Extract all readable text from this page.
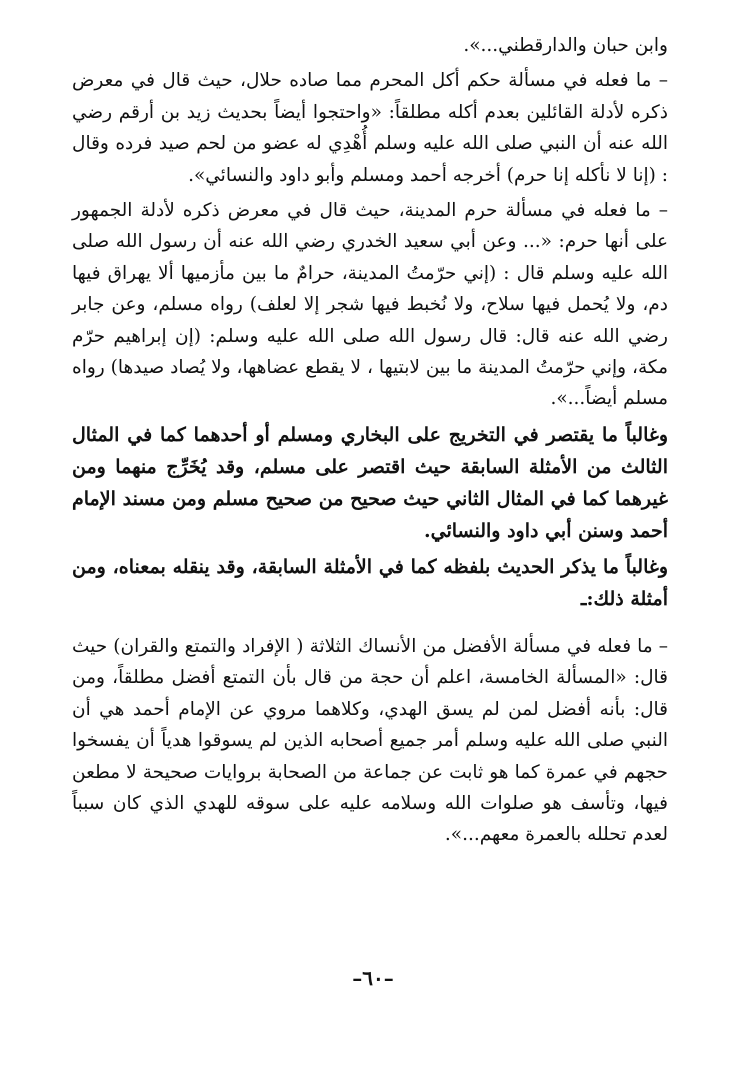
وابن حبان والدارقطني...».

– ما فعله في مسألة حكم أكل المحرم مما صاده حلال، حيث قال في معرض ذكره لأدلة القائلين بعدم أكله مطلقاً: «واحتجوا أيضاً بحديث زيد بن أرقم رضي الله عنه أن النبي صلى الله عليه وسلم أُهْدِي له عضو من لحم صيد فرده وقال : (إنا لا نأكله إنا حرم) أخرجه أحمد ومسلم وأبو داود والنسائي».

– ما فعله في مسألة حرم المدينة، حيث قال في معرض ذكره لأدلة الجمهور على أنها حرم: «... وعن أبي سعيد الخدري رضي الله عنه أن رسول الله صلى الله عليه وسلم قال : (إني حرّمتُ المدينة، حرامٌ ما بين مأزميها ألا يهراق فيها دم، ولا يُحمل فيها سلاح، ولا نُخبط فيها شجر إلا لعلف) رواه مسلم، وعن جابر رضي الله عنه قال: قال رسول الله صلى الله عليه وسلم: (إن إبراهيم حرّم مكة، وإني حرّمتُ المدينة ما بين لابتيها ، لا يقطع عضاهها، ولا يُصاد صيدها) رواه مسلم أيضاً...».

وغالباً ما يقتصر في التخريج على البخاري ومسلم أو أحدهما كما في المثال الثالث من الأمثلة السابقة حيث اقتصر على مسلم، وقد يُخَرِّج منهما ومن غيرهما كما في المثال الثاني حيث صحيح من صحيح مسلم ومن مسند الإمام أحمد وسنن أبي داود والنسائي.

وغالباً ما يذكر الحديث بلفظه كما في الأمثلة السابقة، وقد ينقله بمعناه، ومن أمثلة ذلك:ـ

– ما فعله في مسألة الأفضل من الأنساك الثلاثة ( الإفراد والتمتع والقران) حيث قال: «المسألة الخامسة، اعلم أن حجة من قال بأن التمتع أفضل مطلقاً، ومن قال: بأنه أفضل لمن لم يسق الهدي، وكلاهما مروي عن الإمام أحمد هي أن النبي صلى الله عليه وسلم أمر جميع أصحابه الذين لم يسوقوا هدياً أن يفسخوا حجهم في عمرة كما هو ثابت عن جماعة من الصحابة بروايات صحيحة لا مطعن فيها، وتأسف هو صلوات الله وسلامه عليه على سوقه للهدي الذي كان سبباً لعدم تحلله بالعمرة معهم...».

–٦٠–
